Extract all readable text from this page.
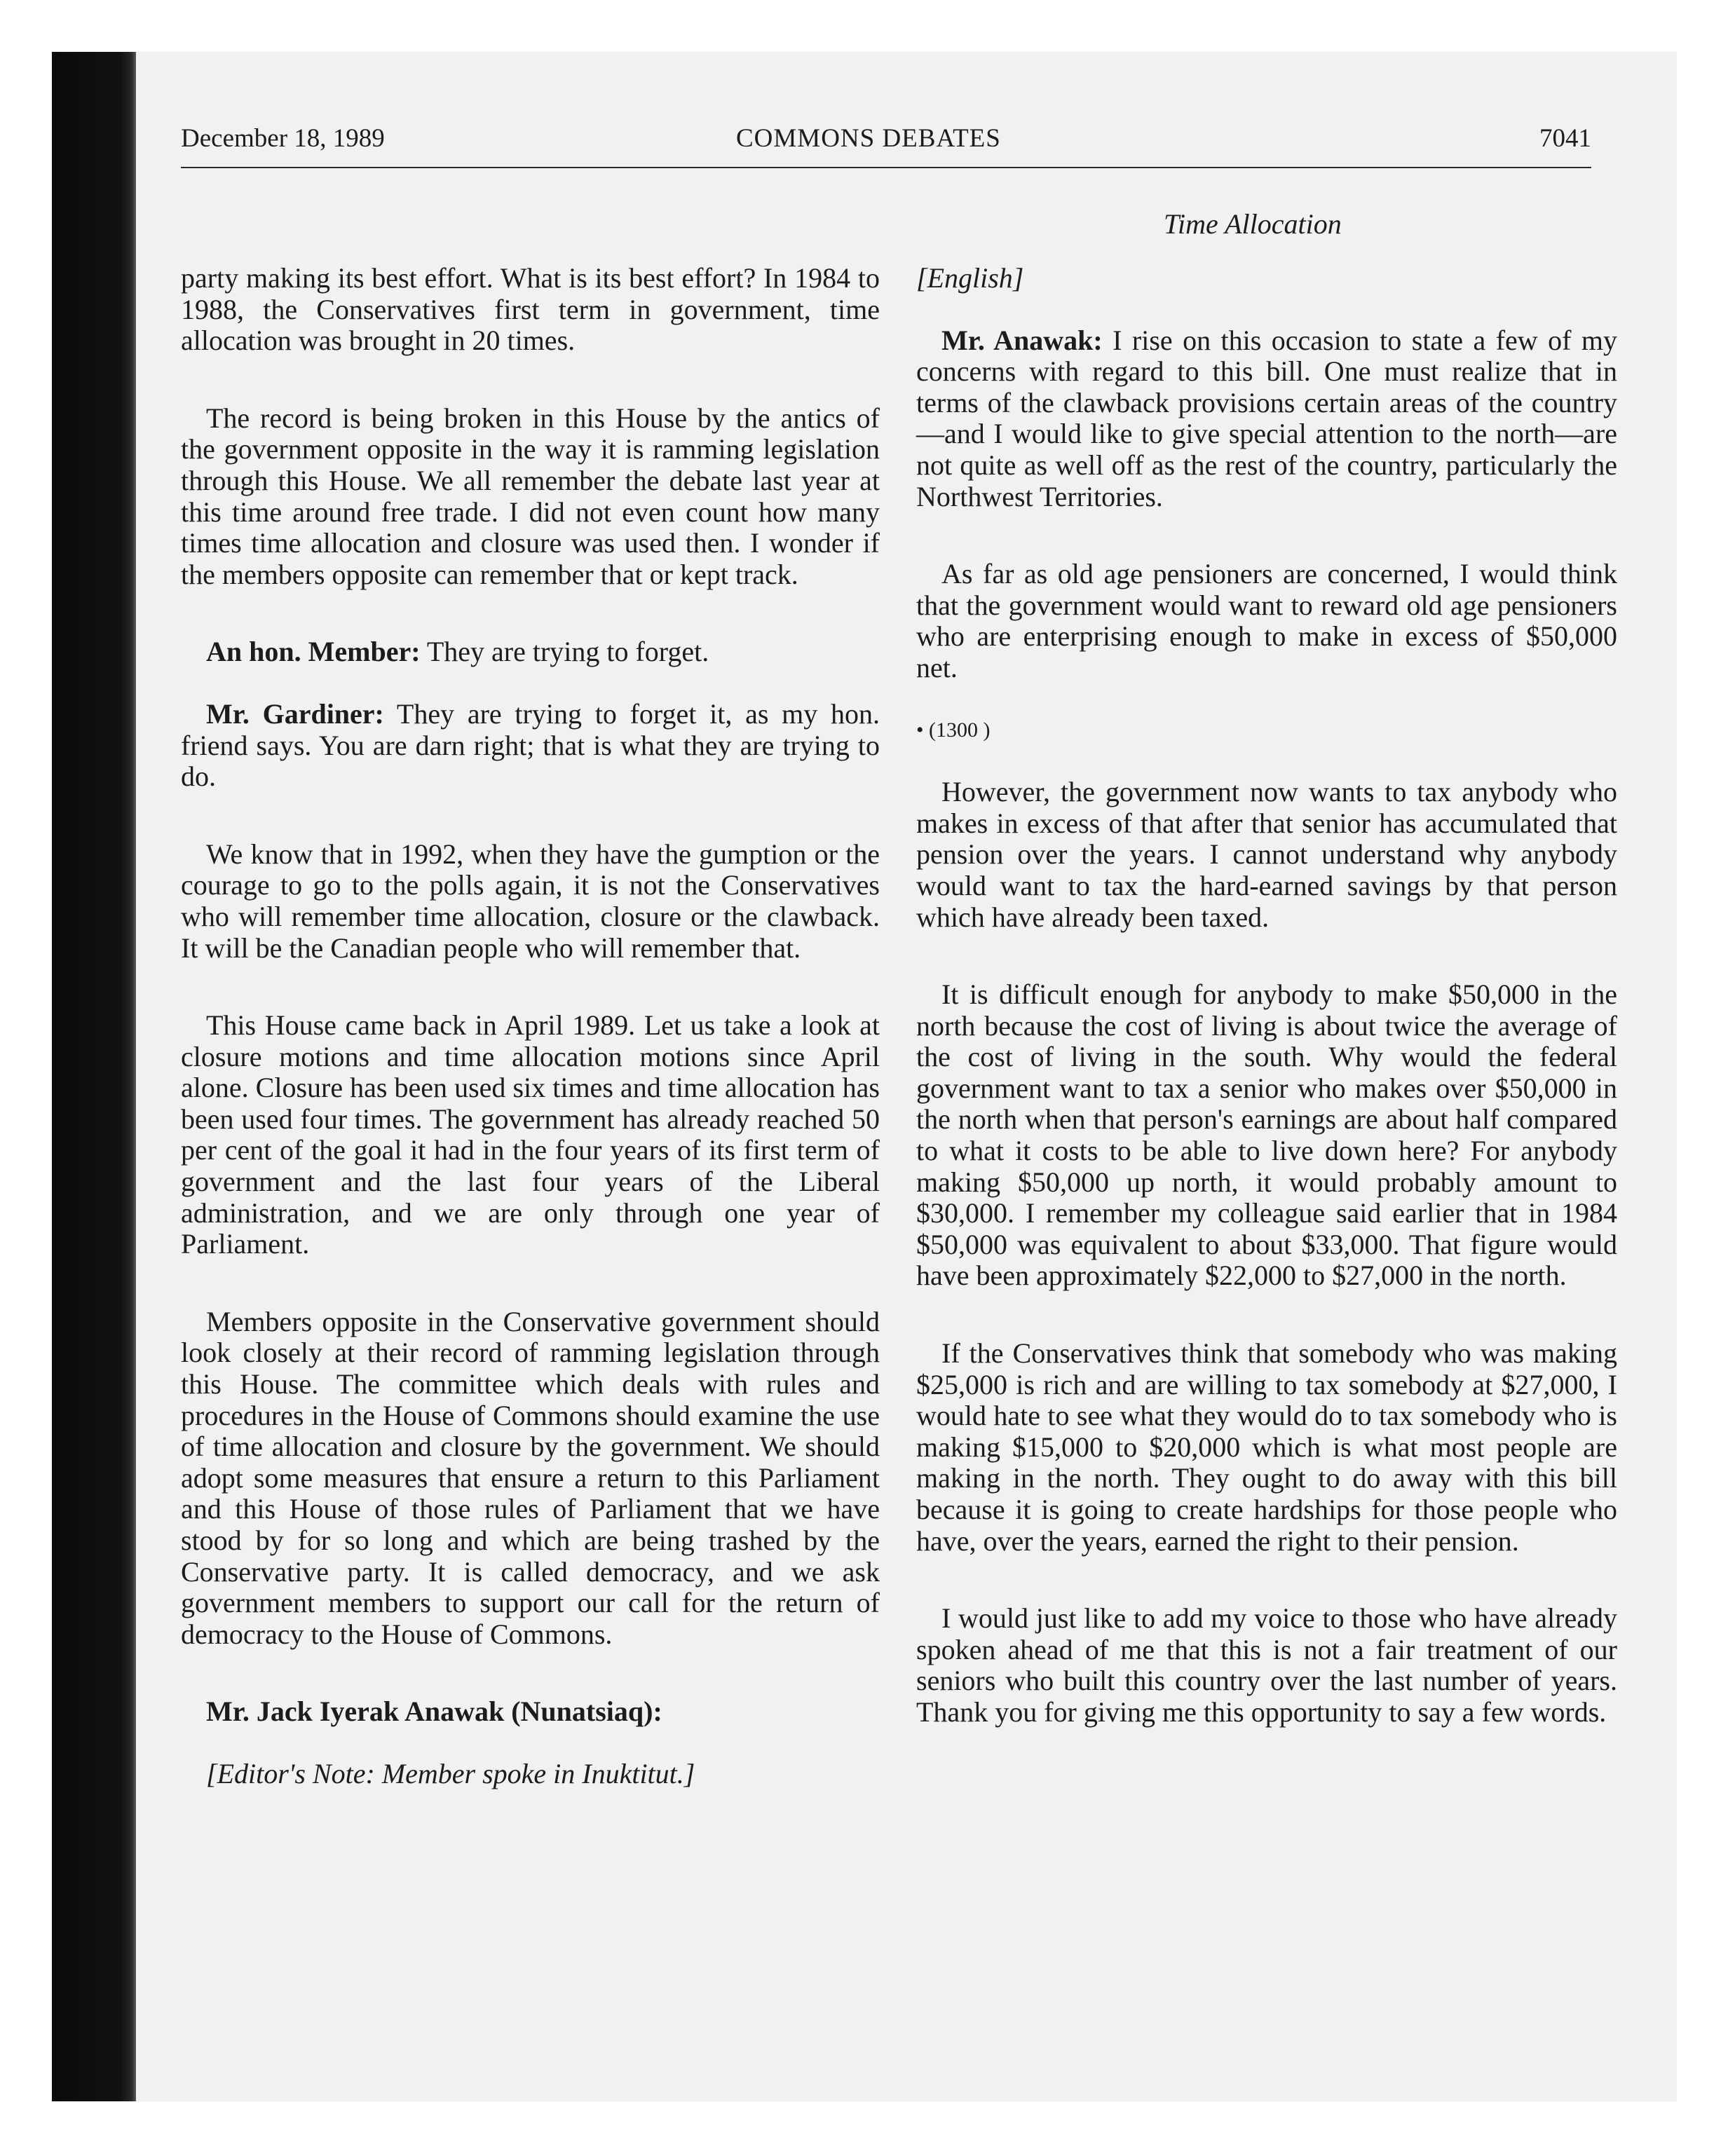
December 18, 1989	COMMONS DEBATES	7041
Time Allocation

party making its best effort. What is its best effort? In 1984 to 1988, the Conservatives first term in government, time allocation was brought in 20 times.

The record is being broken in this House by the antics of the government opposite in the way it is ramming legislation through this House. We all remember the debate last year at this time around free trade. I did not even count how many times time allocation and closure was used then. I wonder if the members opposite can remember that or kept track.

An hon. Member: They are trying to forget.

Mr. Gardiner: They are trying to forget it, as my hon. friend says. You are darn right; that is what they are trying to do.

We know that in 1992, when they have the gumption or the courage to go to the polls again, it is not the Conservatives who will remember time allocation, closure or the clawback. It will be the Canadian people who will remember that.

This House came back in April 1989. Let us take a look at closure motions and time allocation motions since April alone. Closure has been used six times and time allocation has been used four times. The government has already reached 50 per cent of the goal it had in the four years of its first term of government and the last four years of the Liberal administration, and we are only through one year of Parliament.

Members opposite in the Conservative government should look closely at their record of ramming legislation through this House. The committee which deals with rules and procedures in the House of Commons should examine the use of time allocation and closure by the government. We should adopt some measures that ensure a return to this Parliament and this House of those rules of Parliament that we have stood by for so long and which are being trashed by the Conservative party. It is called democracy, and we ask government members to support our call for the return of democracy to the House of Commons.

Mr. Jack Iyerak Anawak (Nunatsiaq):

[Editor's Note: Member spoke in Inuktitut.]

[English]

Mr. Anawak: I rise on this occasion to state a few of my concerns with regard to this bill. One must realize that in terms of the clawback provisions certain areas of the country—and I would like to give special attention to the north—are not quite as well off as the rest of the country, particularly the Northwest Territories.

As far as old age pensioners are concerned, I would think that the government would want to reward old age pensioners who are enterprising enough to make in excess of $50,000 net.

• (1300 )

However, the government now wants to tax anybody who makes in excess of that after that senior has accumulated that pension over the years. I cannot understand why anybody would want to tax the hard-earned savings by that person which have already been taxed.

It is difficult enough for anybody to make $50,000 in the north because the cost of living is about twice the average of the cost of living in the south. Why would the federal government want to tax a senior who makes over $50,000 in the north when that person's earnings are about half compared to what it costs to be able to live down here? For anybody making $50,000 up north, it would probably amount to $30,000. I remember my colleague said earlier that in 1984 $50,000 was equivalent to about $33,000. That figure would have been approximately $22,000 to $27,000 in the north.

If the Conservatives think that somebody who was making $25,000 is rich and are willing to tax somebody at $27,000, I would hate to see what they would do to tax somebody who is making $15,000 to $20,000 which is what most people are making in the north. They ought to do away with this bill because it is going to create hardships for those people who have, over the years, earned the right to their pension.

I would just like to add my voice to those who have already spoken ahead of me that this is not a fair treatment of our seniors who built this country over the last number of years. Thank you for giving me this opportunity to say a few words.
